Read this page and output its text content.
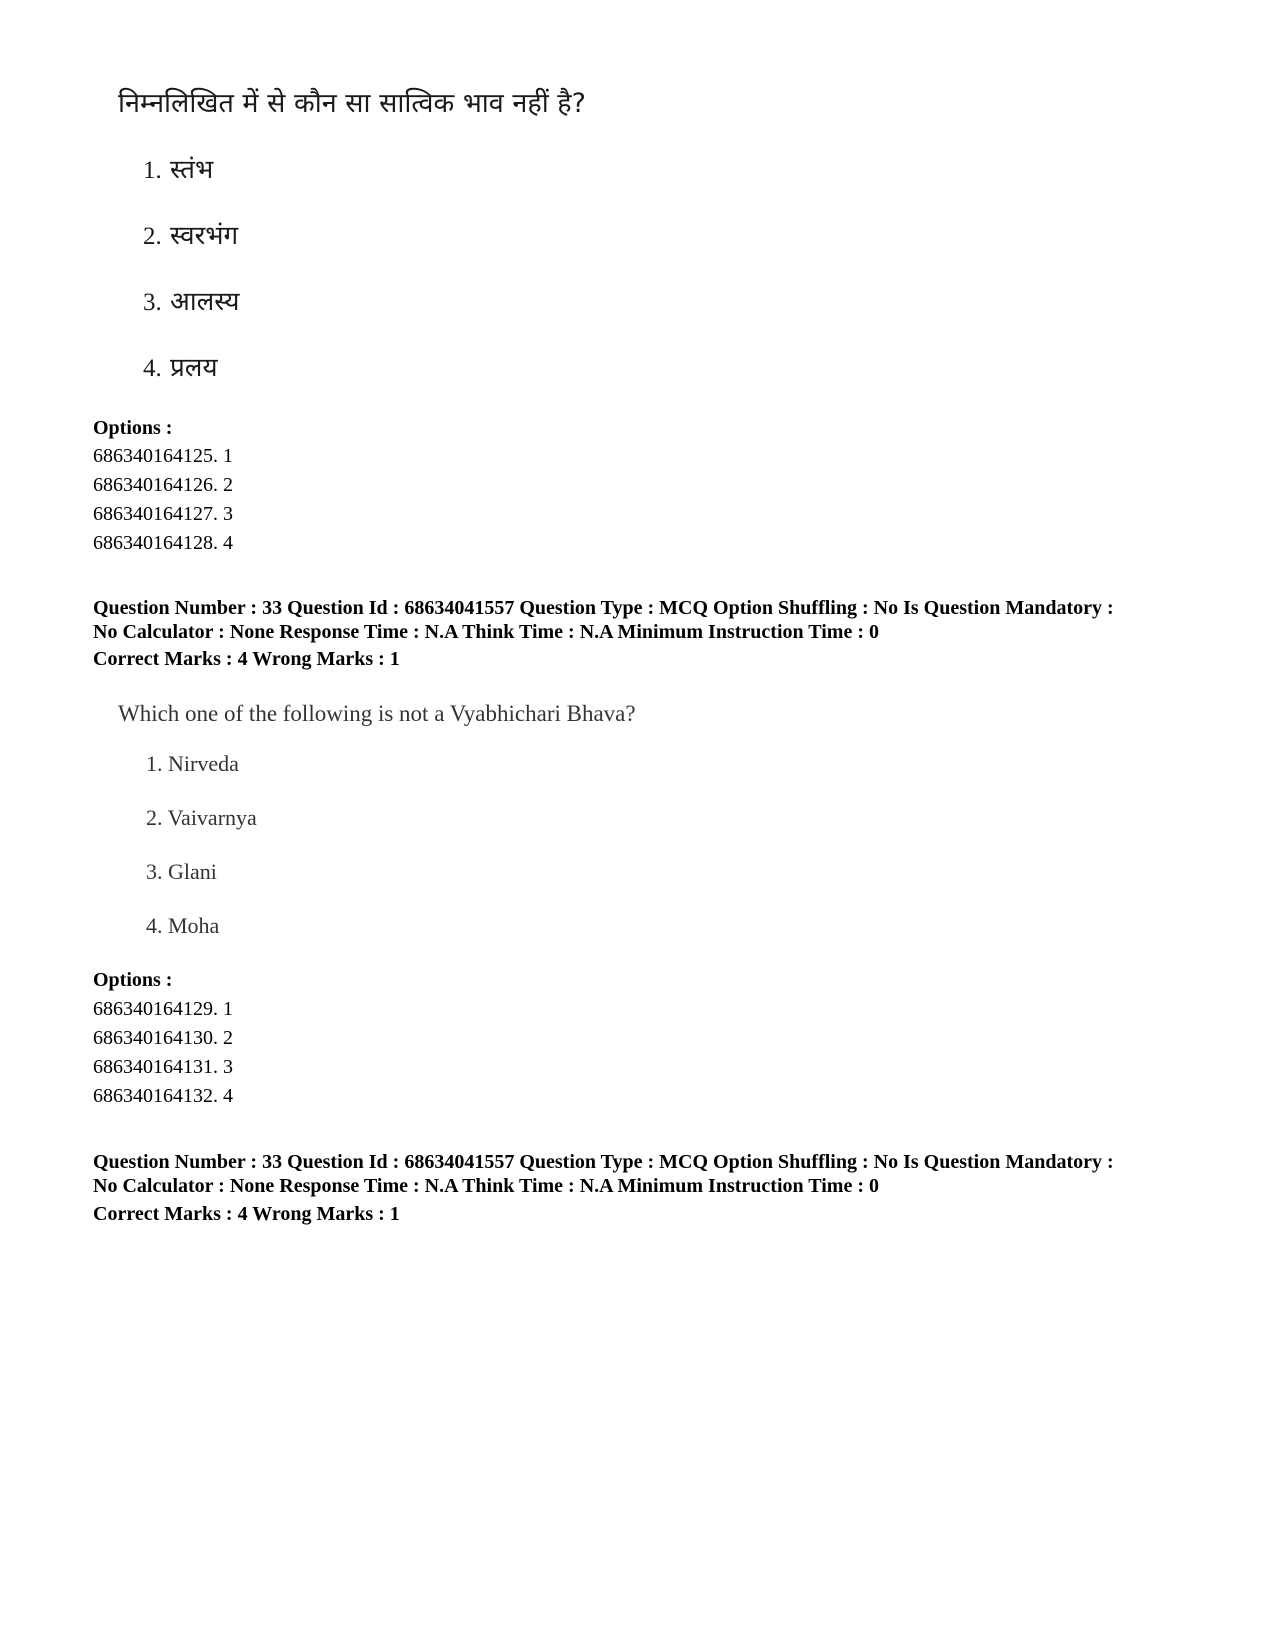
निम्नलिखित में से कौन सा सात्विक भाव नहीं है?
1. स्तंभ
2. स्वरभंग
3. आलस्य
4. प्रलय
Options :
686340164125. 1
686340164126. 2
686340164127. 3
686340164128. 4
Question Number : 33 Question Id : 68634041557 Question Type : MCQ Option Shuffling : No Is Question Mandatory :
No Calculator : None Response Time : N.A Think Time : N.A Minimum Instruction Time : 0
Correct Marks : 4 Wrong Marks : 1
Which one of the following is not a Vyabhichari Bhava?
1. Nirveda
2. Vaivarnya
3. Glani
4. Moha
Options :
686340164129. 1
686340164130. 2
686340164131. 3
686340164132. 4
Question Number : 33 Question Id : 68634041557 Question Type : MCQ Option Shuffling : No Is Question Mandatory :
No Calculator : None Response Time : N.A Think Time : N.A Minimum Instruction Time : 0
Correct Marks : 4 Wrong Marks : 1
